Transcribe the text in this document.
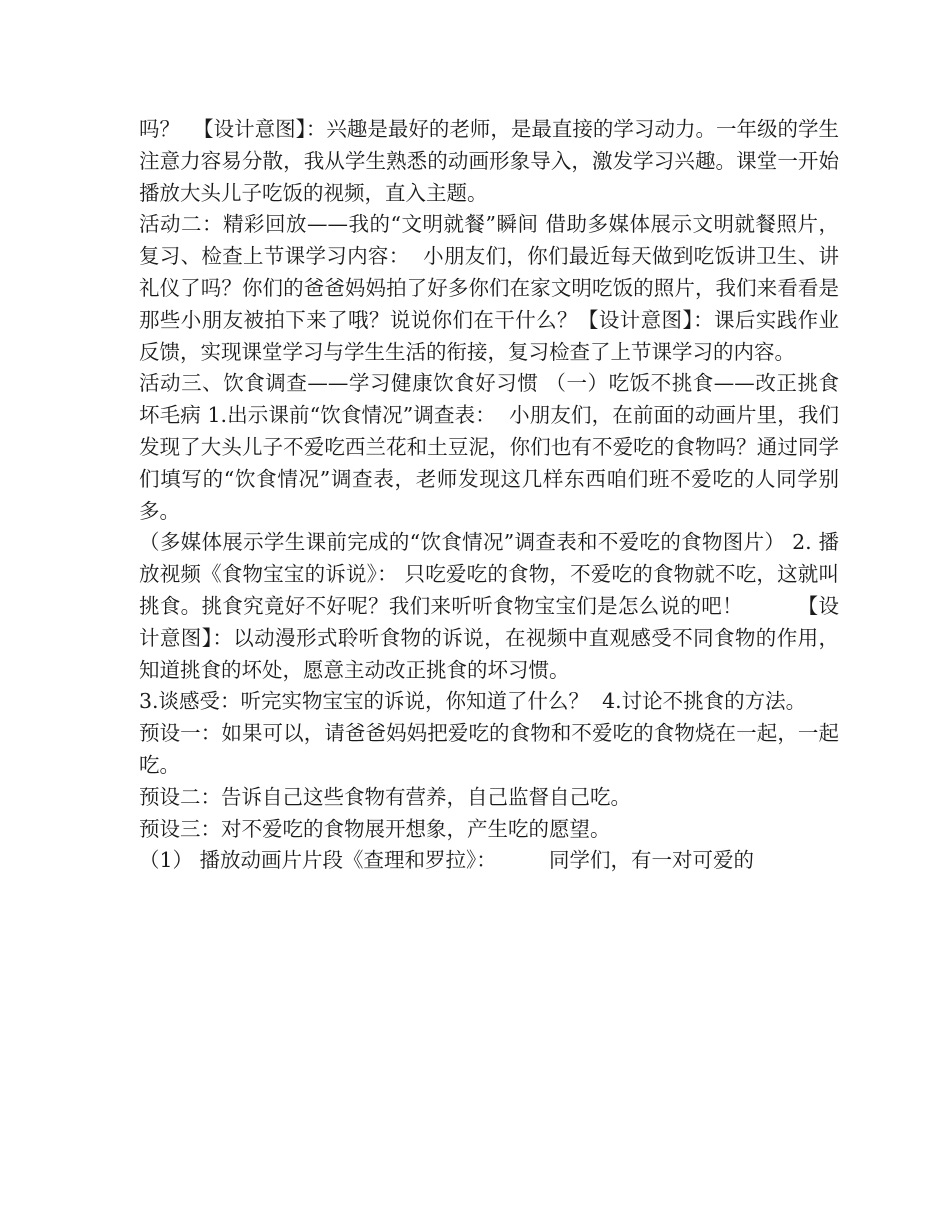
吗？  【设计意图】：兴趣是最好的老师，是最直接的学习动力。一年级的学生注意力容易分散，我从学生熟悉的动画形象导入，激发学习兴趣。课堂一开始播放大头儿子吃饭的视频，直入主题。

活动二：精彩回放——我的“文明就餐”瞬间 借助多媒体展示文明就餐照片，复习、检查上节课学习内容：  小朋友们，你们最近每天做到吃饭讲卫生、讲礼仪了吗？你们的爸爸妈妈拍了好多你们在家文明吃饭的照片，我们来看看是那些小朋友被拍下来了哦？说说你们在干什么？【设计意图】：课后实践作业反馈，实现课堂学习与学生生活的衔接，复习检查了上节课学习的内容。

活动三、饮食调查——学习健康饮食好习惯 （一）吃饭不挑食——改正挑食坏毛病 1.出示课前“饮食情况”调查表：  小朋友们，在前面的动画片里，我们发现了大头儿子不爱吃西兰花和土豆泥，你们也有不爱吃的食物吗？通过同学们填写的“饮食情况”调查表，老师发现这几样东西咱们班不爱吃的人同学别多。

（多媒体展示学生课前完成的“饮食情况”调查表和不爱吃的食物图片） 2. 播放视频《食物宝宝的诉说》： 只吃爱吃的食物，不爱吃的食物就不吃，这就叫挑食。挑食究竟好不好呢？我们来听听食物宝宝们是怎么说的吧！        【设计意图】：以动漫形式聆听食物的诉说，在视频中直观感受不同食物的作用，知道挑食的坏处，愿意主动改正挑食的坏习惯。

3.谈感受：听完实物宝宝的诉说，你知道了什么？  4.讨论不挑食的方法。

预设一：如果可以，请爸爸妈妈把爱吃的食物和不爱吃的食物烧在一起，一起吃。

预设二：告诉自己这些食物有营养，自己监督自己吃。

预设三：对不爱吃的食物展开想象，产生吃的愿望。

（1） 播放动画片片段《查理和罗拉》：        同学们，有一对可爱的
